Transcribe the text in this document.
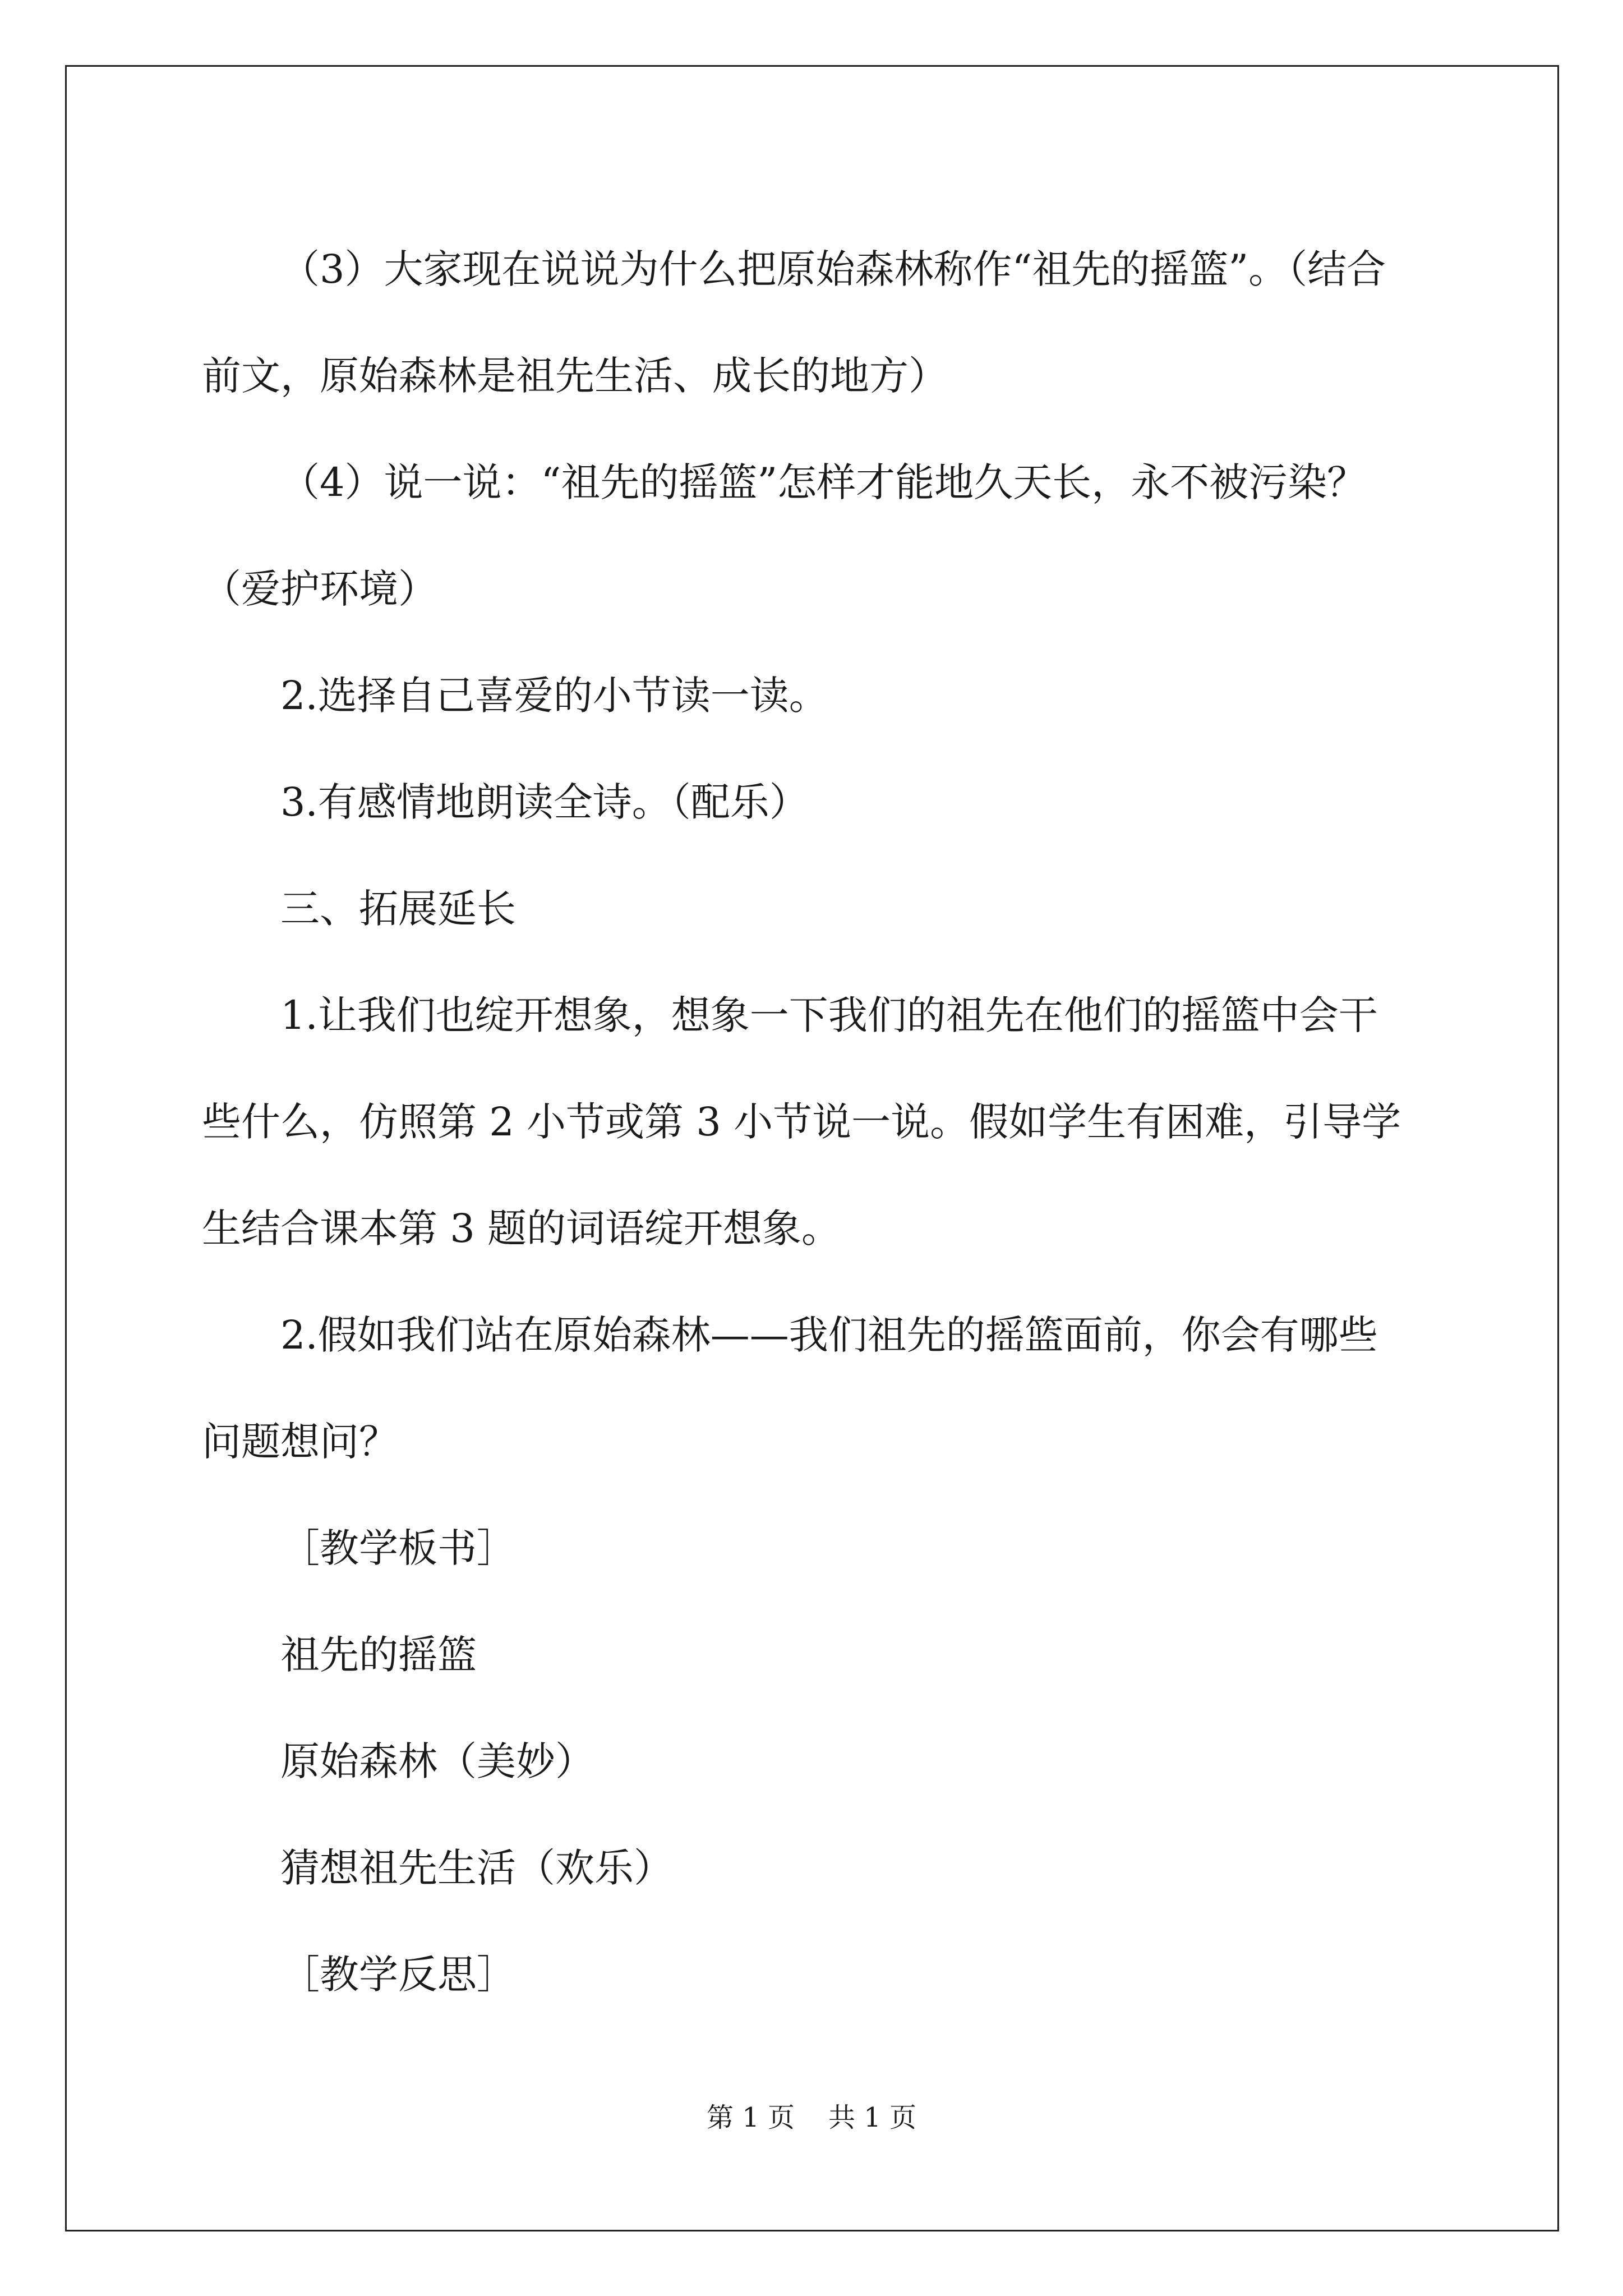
（3）大家现在说说为什么把原始森林称作“祖先的摇篮”。（结合

前文，原始森林是祖先生活、成长的地方）

（4）说一说：“祖先的摇篮”怎样才能地久天长，永不被污染？

（爱护环境）

2.选择自己喜爱的小节读一读。

3.有感情地朗读全诗。（配乐）

三、拓展延长

1.让我们也绽开想象，想象一下我们的祖先在他们的摇篮中会干

些什么，仿照第 2 小节或第 3 小节说一说。假如学生有困难，引导学

生结合课本第 3 题的词语绽开想象。

2.假如我们站在原始森林——我们祖先的摇篮面前，你会有哪些

问题想问？

［教学板书］

祖先的摇篮

原始森林（美妙）

猜想祖先生活（欢乐）

［教学反思］

第 1 页 共 1 页
